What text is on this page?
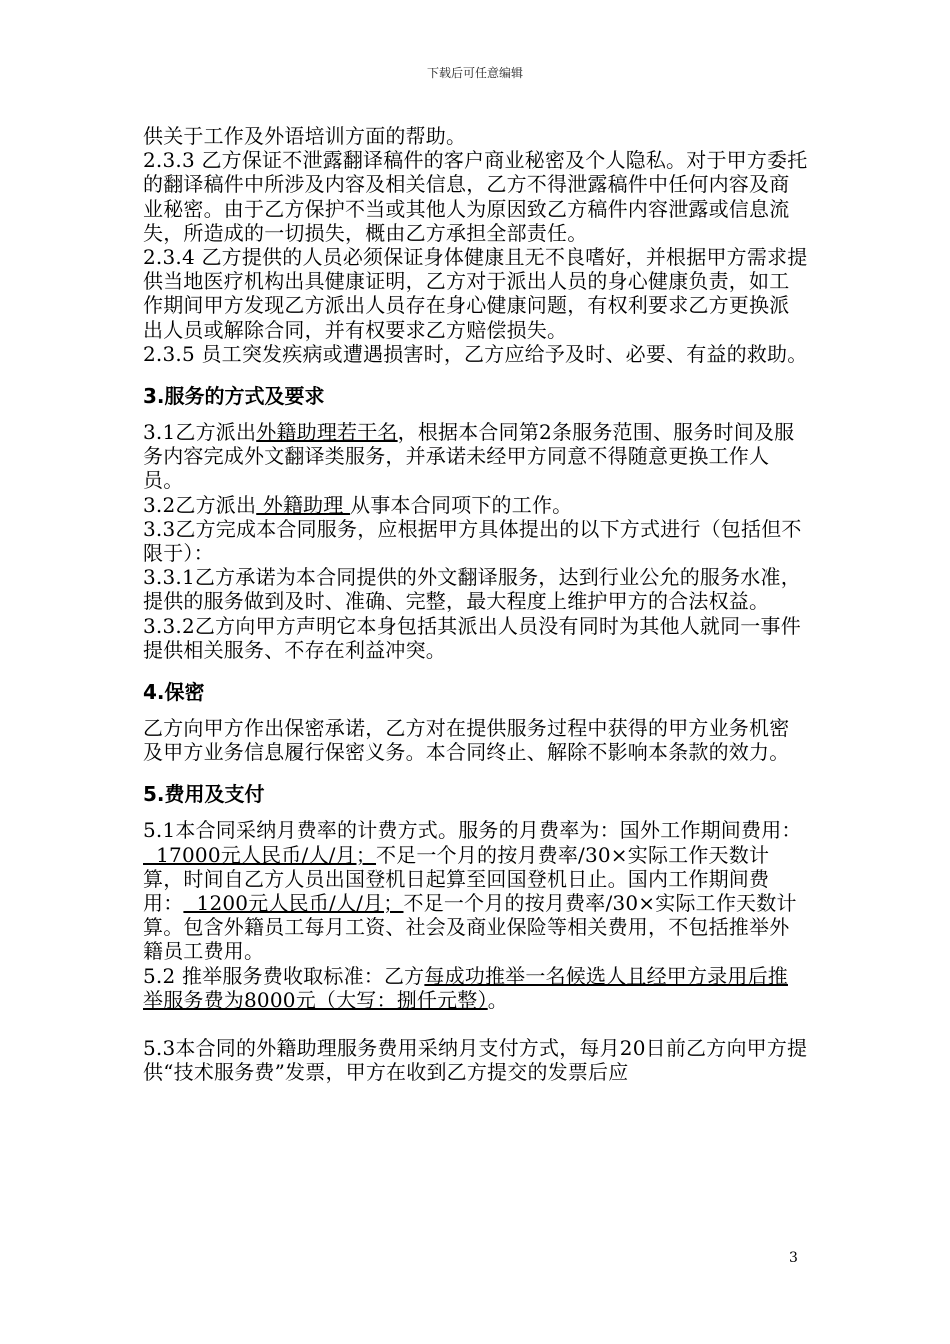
下载后可任意编辑

供关于工作及外语培训方面的帮助。

2.3.3 乙方保证不泄露翻译稿件的客户商业秘密及个人隐私。对于甲方委托的翻译稿件中所涉及内容及相关信息，乙方不得泄露稿件中任何内容及商业秘密。由于乙方保护不当或其他人为原因致乙方稿件内容泄露或信息流失，所造成的一切损失，概由乙方承担全部责任。

2.3.4 乙方提供的人员必须保证身体健康且无不良嗜好，并根据甲方需求提供当地医疗机构出具健康证明，乙方对于派出人员的身心健康负责，如工作期间甲方发现乙方派出人员存在身心健康问题，有权利要求乙方更换派出人员或解除合同，并有权要求乙方赔偿损失。

2.3.5 员工突发疾病或遭遇损害时，乙方应给予及时、必要、有益的救助。

3.服务的方式及要求

3.1乙方派出外籍助理若干名，根据本合同第2条服务范围、服务时间及服务内容完成外文翻译类服务，并承诺未经甲方同意不得随意更换工作人员。

3.2乙方派出 外籍助理 从事本合同项下的工作。

3.3乙方完成本合同服务，应根据甲方具体提出的以下方式进行（包括但不限于）：

3.3.1乙方承诺为本合同提供的外文翻译服务，达到行业公允的服务水准，提供的服务做到及时、准确、完整，最大程度上维护甲方的合法权益。

3.3.2乙方向甲方声明它本身包括其派出人员没有同时为其他人就同一事件提供相关服务、不存在利益冲突。

4.保密

乙方向甲方作出保密承诺，乙方对在提供服务过程中获得的甲方业务机密及甲方业务信息履行保密义务。本合同终止、解除不影响本条款的效力。

5.费用及支付

5.1本合同采纳月费率的计费方式。服务的月费率为：国外工作期间费用：  17000元人民币/人/月；不足一个月的按月费率/30×实际工作天数计算，时间自乙方人员出国登机日起算至回国登机日止。国内工作期间费用：  1200元人民币/人/月；不足一个月的按月费率/30×实际工作天数计算。包含外籍员工每月工资、社会及商业保险等相关费用，不包括推举外籍员工费用。

5.2 推举服务费收取标准：乙方每成功推举一名候选人且经甲方录用后推举服务费为8000元（大写：捌仟元整）。

5.3本合同的外籍助理服务费用采纳月支付方式，每月20日前乙方向甲方提供“技术服务费”发票，甲方在收到乙方提交的发票后应

3
